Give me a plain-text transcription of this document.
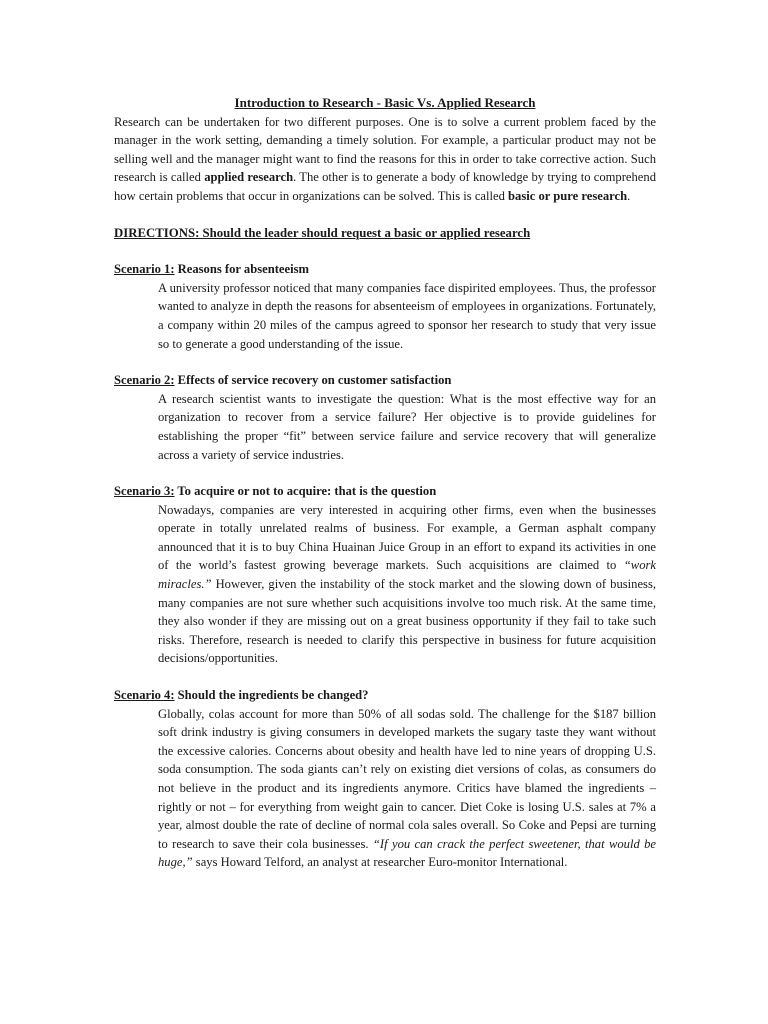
Introduction to Research - Basic Vs. Applied Research

Research can be undertaken for two different purposes. One is to solve a current problem faced by the manager in the work setting, demanding a timely solution. For example, a particular product may not be selling well and the manager might want to find the reasons for this in order to take corrective action. Such research is called applied research. The other is to generate a body of knowledge by trying to comprehend how certain problems that occur in organizations can be solved. This is called basic or pure research.

DIRECTIONS: Should the leader should request a basic or applied research

Scenario 1: Reasons for absenteeism

A university professor noticed that many companies face dispirited employees. Thus, the professor wanted to analyze in depth the reasons for absenteeism of employees in organizations. Fortunately, a company within 20 miles of the campus agreed to sponsor her research to study that very issue so to generate a good understanding of the issue.

Scenario 2: Effects of service recovery on customer satisfaction

A research scientist wants to investigate the question: What is the most effective way for an organization to recover from a service failure? Her objective is to provide guidelines for establishing the proper “fit” between service failure and service recovery that will generalize across a variety of service industries.

Scenario 3: To acquire or not to acquire: that is the question

Nowadays, companies are very interested in acquiring other firms, even when the businesses operate in totally unrelated realms of business. For example, a German asphalt company announced that it is to buy China Huainan Juice Group in an effort to expand its activities in one of the world’s fastest growing beverage markets. Such acquisitions are claimed to “work miracles.” However, given the instability of the stock market and the slowing down of business, many companies are not sure whether such acquisitions involve too much risk. At the same time, they also wonder if they are missing out on a great business opportunity if they fail to take such risks. Therefore, research is needed to clarify this perspective in business for future acquisition decisions/opportunities.

Scenario 4: Should the ingredients be changed?

Globally, colas account for more than 50% of all sodas sold. The challenge for the $187 billion soft drink industry is giving consumers in developed markets the sugary taste they want without the excessive calories. Concerns about obesity and health have led to nine years of dropping U.S. soda consumption. The soda giants can’t rely on existing diet versions of colas, as consumers do not believe in the product and its ingredients anymore. Critics have blamed the ingredients – rightly or not – for everything from weight gain to cancer. Diet Coke is losing U.S. sales at 7% a year, almost double the rate of decline of normal cola sales overall. So Coke and Pepsi are turning to research to save their cola businesses. “If you can crack the perfect sweetener, that would be huge,” says Howard Telford, an analyst at researcher Euro-monitor International.
